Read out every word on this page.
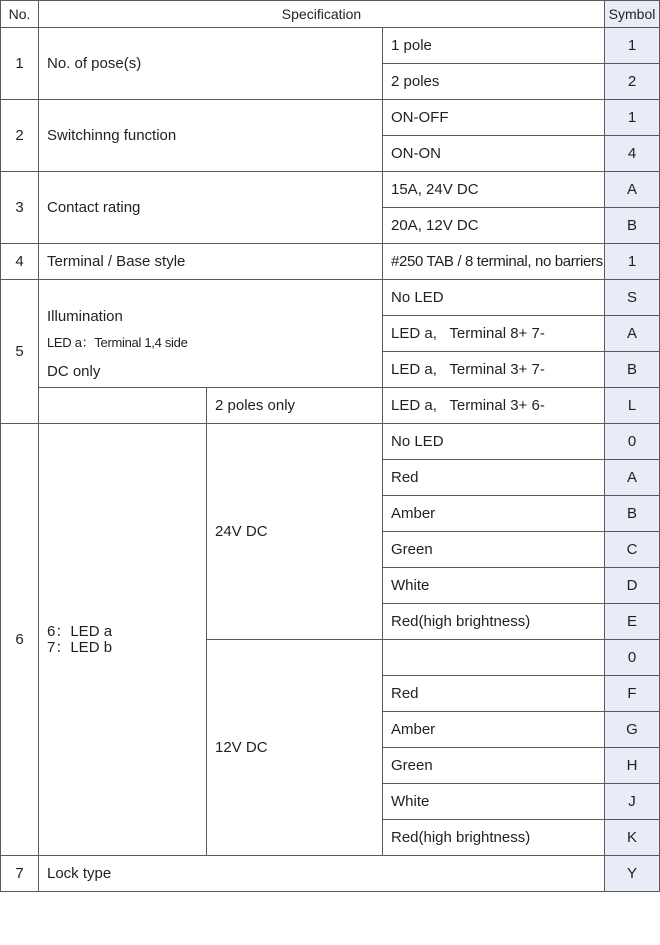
No.	Specification			Symbol
1	No. of pose(s)		1 pole	1
			2 poles	2
2	Switchinng function		ON-OFF	1
			ON-ON	4
3	Contact rating		15A, 24V DC	A
			20A, 12V DC	B
4	Terminal / Base style		#250 TAB / 8 terminal, no barriers	1
5	Illumination
LED a：Terminal 1,4 side
DC only		No LED	S
			LED a,   Terminal 8+ 7-	A
			LED a,   Terminal 3+ 7-	B
		2 poles only	LED a,   Terminal 3+ 6-	L
6	6：LED a
7：LED b	24V DC	No LED	0
			Red	A
			Amber	B
			Green	C
			White	D
			Red(high brightness)	E
		12V DC		0
			Red	F
			Amber	G
			Green	H
			White	J
			Red(high brightness)	K
7	Lock type			Y
